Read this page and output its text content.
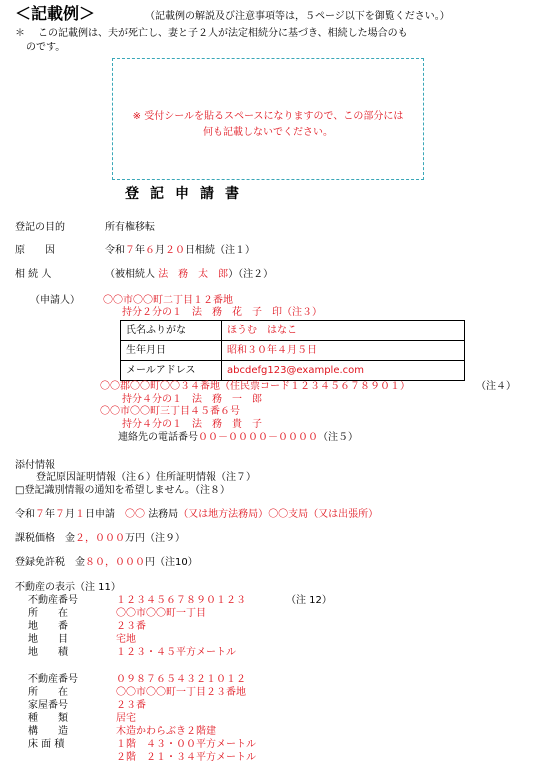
＜記載例＞	（記載例の解説及び注意事項等は，５ページ以下を御覧ください。）
＊ この記載例は、夫が死亡し、妻と子２人が法定相続分に基づき、相続した場合のも
のです。
※ 受付シールを貼るスペースになりますので、この部分には
何も記載しないでください。
登記申請書
登記の目的	所有権移転
原　　因	令和７年６月２０日相続（注１）
相 続 人	（被相続人 法　務　太　郎）（注２）
（申請人） 〇〇市〇〇町二丁目１２番地
持分２分の１　法　務　花　子　印（注３）
氏名ふりがな	ほうむ　はなこ
生年月日	昭和３０年４月５日
メールアドレス	abcdefg123@example.com
〇〇郡〇〇町〇〇３４番地（住民票コード１２３４５６７８９０１）	（注４）
持分４分の１　法　務　一　郎
〇〇市〇〇町三丁目４５番６号
持分４分の１　法　務　貴　子
連絡先の電話番号００－００００－００００（注５）
添付情報
登記原因証明情報（注６）住所証明情報（注７）
□登記識別情報の通知を希望しません。（注８）
令和７年７月１日申請　 〇〇 法務局（又は地方法務局）〇〇支局（又は出張所）
課税価格　 金２，０００万円（注９）
登録免許税　 金８０，０００円（注10）
不動産の表示（注 11）
不動産番号	１２３４５６７８９０１２３	（注 12）
所　　在	〇〇市〇〇町一丁目
地　　番	２３番
地　　目	宅地
地　　積	１２３・４５平方メートル
不動産番号	０９８７６５４３２１０１２
所　　在	〇〇市〇〇町一丁目２３番地
家屋番号	２３番
種　　類	居宅
構　　造	木造かわらぶき２階建
床 面 積	１階　４３・００平方メートル
２階　２１・３４平方メートル
